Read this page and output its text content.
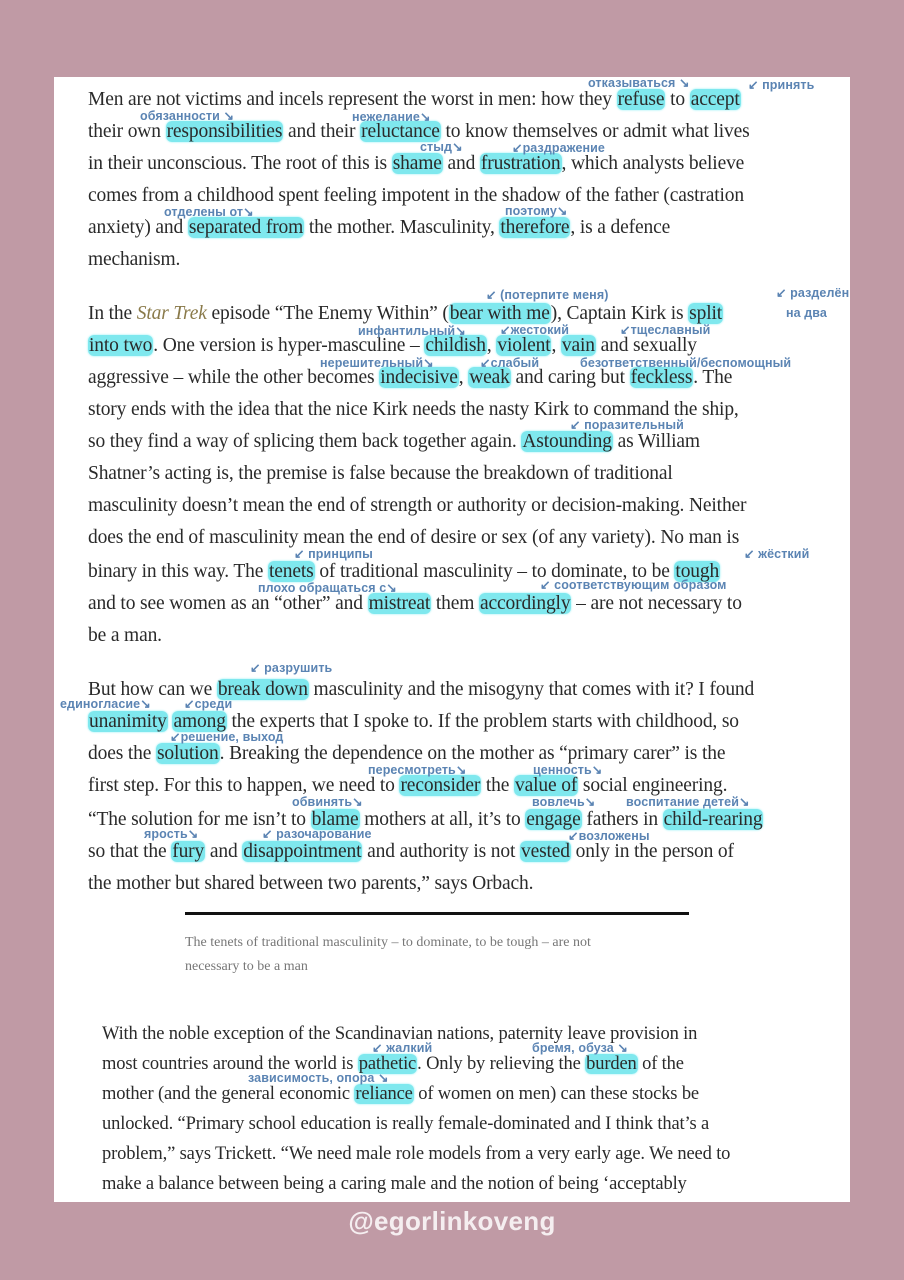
Men are not victims and incels represent the worst in men: how they refuse to accept
their own responsibilities and their reluctance to know themselves or admit what lives
in their unconscious. The root of this is shame and frustration, which analysts believe
comes from a childhood spent feeling impotent in the shadow of the father (castration
anxiety) and separated from the mother. Masculinity, therefore, is a defence
mechanism.
отказываться ↘	↙ принять
обязанности ↘	нежелание↘
стыд↘	↙раздражение
отделены от↘	поэтому↘
In the Star Trek episode “The Enemy Within” (bear with me), Captain Kirk is split
into two. One version is hyper-masculine – childish, violent, vain and sexually
aggressive – while the other becomes indecisive, weak and caring but feckless. The
story ends with the idea that the nice Kirk needs the nasty Kirk to command the ship,
so they find a way of splicing them back together again. Astounding as William
Shatner’s acting is, the premise is false because the breakdown of traditional
masculinity doesn’t mean the end of strength or authority or decision-making. Neither
does the end of masculinity mean the end of desire or sex (of any variety). No man is
binary in this way. The tenets of traditional masculinity – to dominate, to be tough
and to see women as an “other” and mistreat them accordingly – are not necessary to
be a man.
↙ (потерпите меня)	↙ разделён
на два
инфантильный↘	↙жестокий	↙тщеславный
нерешительный↘	↙слабый	безответственный/беспомощный
↙ поразительный
↙ принципы	↙ жёсткий
плохо обращаться с↘	↙ соответствующим образом
But how can we break down masculinity and the misogyny that comes with it? I found
unanimity among the experts that I spoke to. If the problem starts with childhood, so
does the solution. Breaking the dependence on the mother as “primary carer” is the
first step. For this to happen, we need to reconsider the value of social engineering.
“The solution for me isn’t to blame mothers at all, it’s to engage fathers in child-rearing
so that the fury and disappointment and authority is not vested only in the person of
the mother but shared between two parents,” says Orbach.
↙ разрушить
единогласие↘	↙среди
↙решение, выход
пересмотреть↘	ценность↘
обвинять↘	вовлечь↘ воспитание детей↘
ярость↘	↙ разочарование	↙возложены
The tenets of traditional masculinity – to dominate, to be tough – are not
necessary to be a man
With the noble exception of the Scandinavian nations, paternity leave provision in
most countries around the world is pathetic. Only by relieving the burden of the
mother (and the general economic reliance of women on men) can these stocks be
unlocked. “Primary school education is really female-dominated and I think that’s a
problem,” says Trickett. “We need male role models from a very early age. We need to
make a balance between being a caring male and the notion of being ‘acceptably
↙ жалкий	бремя, обуза ↘
зависимость, опора ↘
@egorlinkoveng
